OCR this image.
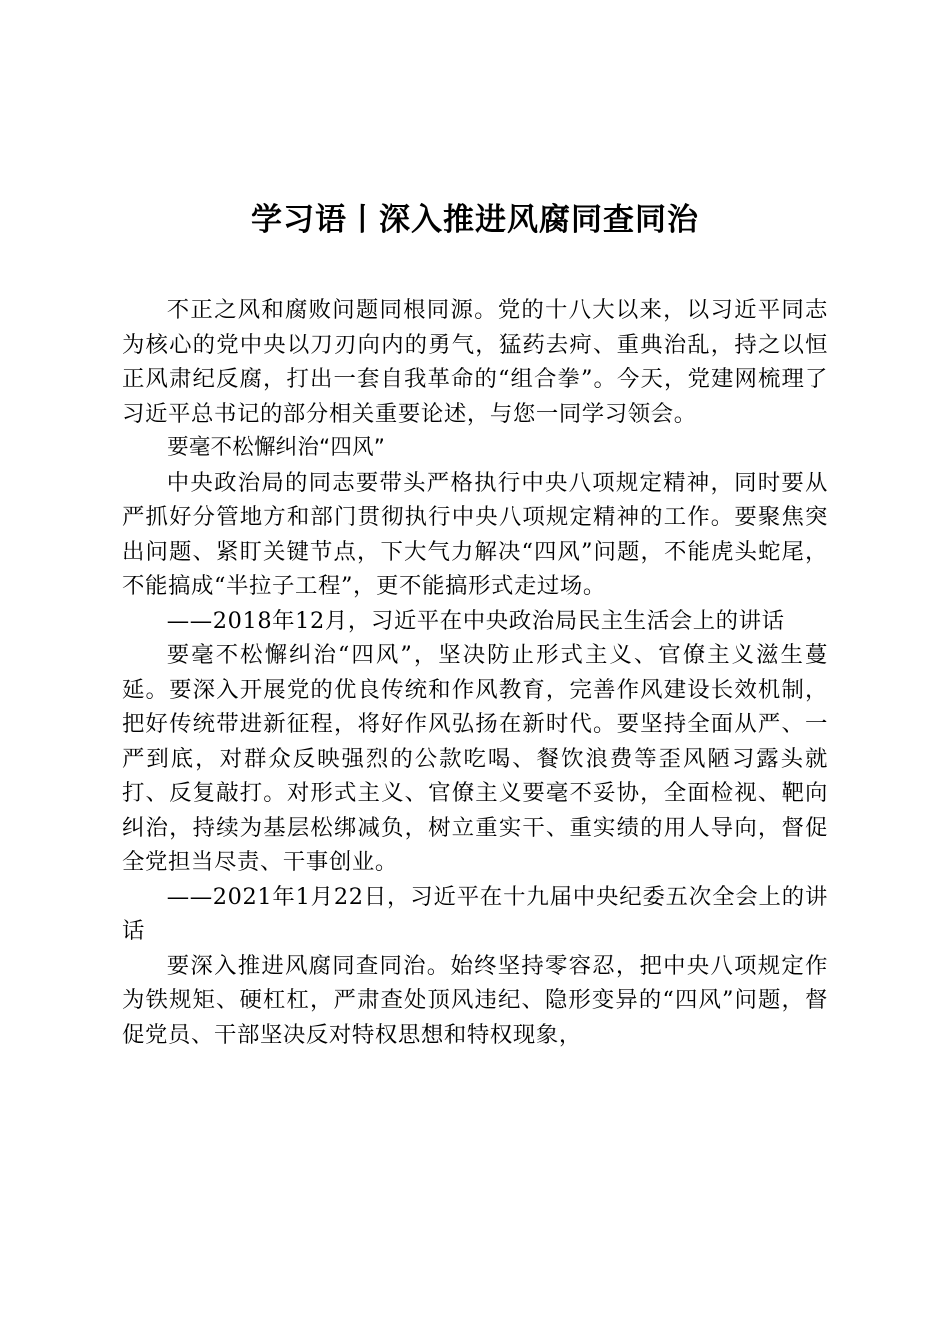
学习语丨深入推进风腐同查同治

不正之风和腐败问题同根同源。党的十八大以来，以习近平同志为核心的党中央以刀刃向内的勇气，猛药去疴、重典治乱，持之以恒正风肃纪反腐，打出一套自我革命的“组合拳”。今天，党建网梳理了习近平总书记的部分相关重要论述，与您一同学习领会。

要毫不松懈纠治“四风”

中央政治局的同志要带头严格执行中央八项规定精神，同时要从严抓好分管地方和部门贯彻执行中央八项规定精神的工作。要聚焦突出问题、紧盯关键节点，下大气力解决“四风”问题，不能虎头蛇尾，不能搞成“半拉子工程”，更不能搞形式走过场。

——2018年12月，习近平在中央政治局民主生活会上的讲话

要毫不松懈纠治“四风”，坚决防止形式主义、官僚主义滋生蔓延。要深入开展党的优良传统和作风教育，完善作风建设长效机制，把好传统带进新征程，将好作风弘扬在新时代。要坚持全面从严、一严到底，对群众反映强烈的公款吃喝、餐饮浪费等歪风陋习露头就打、反复敲打。对形式主义、官僚主义要毫不妥协，全面检视、靶向纠治，持续为基层松绑减负，树立重实干、重实绩的用人导向，督促全党担当尽责、干事创业。

——2021年1月22日，习近平在十九届中央纪委五次全会上的讲话

要深入推进风腐同查同治。始终坚持零容忍，把中央八项规定作为铁规矩、硬杠杠，严肃查处顶风违纪、隐形变异的“四风”问题，督促党员、干部坚决反对特权思想和特权现象，
